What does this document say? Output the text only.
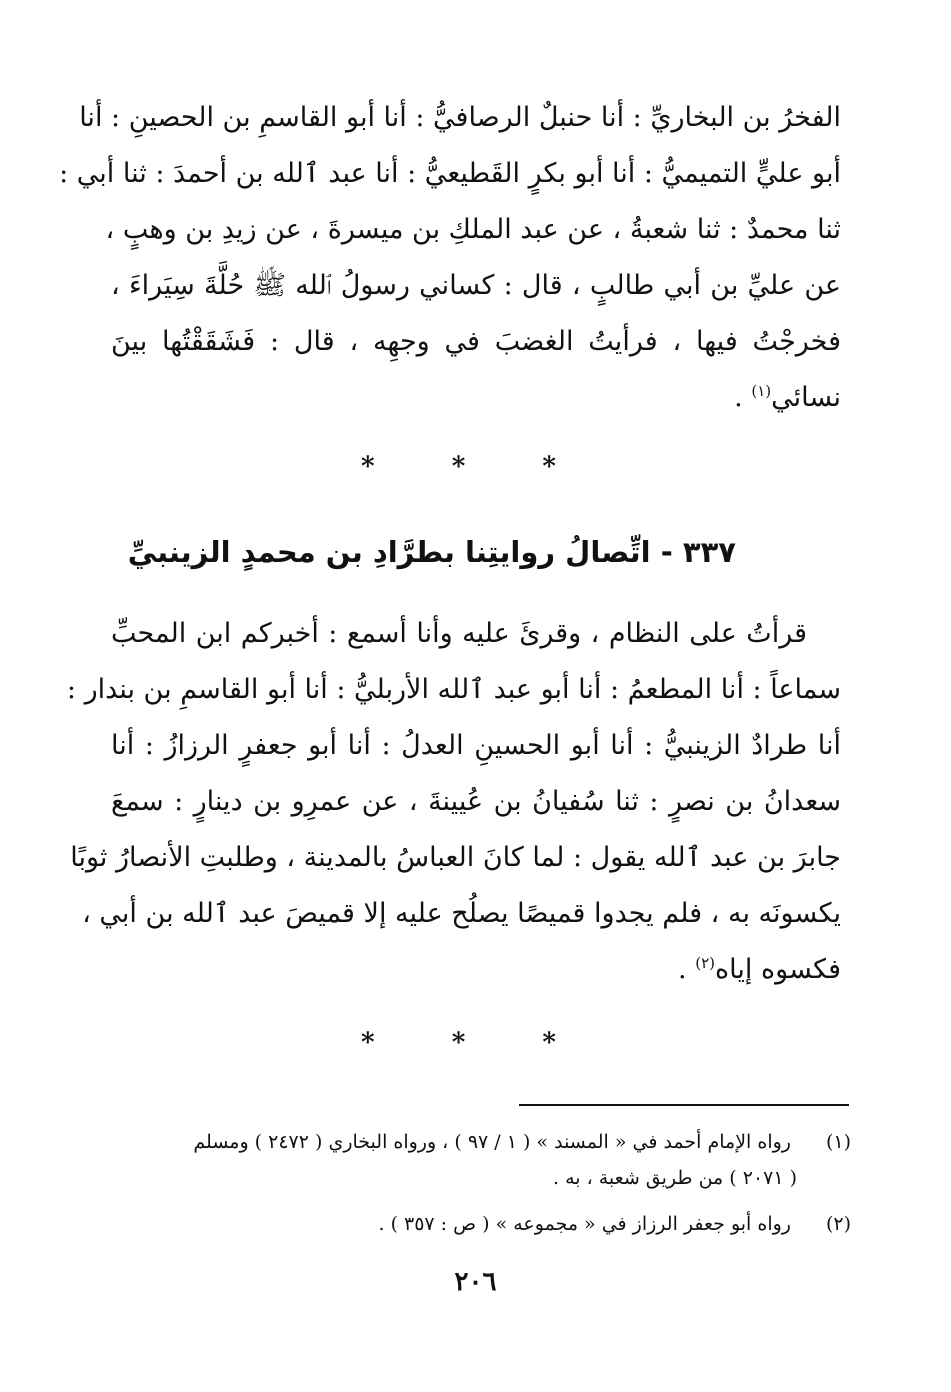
الفخرُ بن البخاريِّ : أنا حنبلٌ الرصافيُّ : أنا أبو القاسمِ بن الحصينِ : أنا
أبو عليٍّ التميميُّ : أنا أبو بكرٍ القَطيعيُّ : أنا عبد ٱلله بن أحمدَ : ثنا أبي :
ثنا محمدٌ : ثنا شعبةُ ، عن عبد الملكِ بن ميسرةَ ، عن زيدِ بن وهبٍ ،
عن عليِّ بن أبي طالبٍ ، قال : كساني رسولُ ٱلله ﷺ حُلَّةَ سِيَراءَ ،
فخرجْتُ فيها ، فرأيتُ الغضبَ في وجهِه ، قال : فَشَقَقْتُها بينَ
نسائي$^{(١)}$ .
* * *
٣٣٧ - اتِّصالُ روايتِنا بطرَّادِ بن محمدٍ الزينبيِّ
قرأتُ على النظام ، وقرئَ عليه وأنا أسمع : أخبركم ابن المحبِّ
سماعاً : أنا المطعمُ : أنا أبو عبد ٱلله الأربليُّ : أنا أبو القاسمِ بن بندار :
أنا طرادٌ الزينبيُّ : أنا أبو الحسينِ العدلُ : أنا أبو جعفرٍ الرزازُ : أنا
سعدانُ بن نصرٍ : ثنا سُفيانُ بن عُيينةَ ، عن عمرِو بن دينارٍ : سمعَ
جابرَ بن عبد ٱلله يقول : لما كانَ العباسُ بالمدينة ، وطلبتِ الأنصارُ ثوبًا
يكسونَه به ، فلم يجدوا قميصًا يصلُح عليه إلا قميصَ عبد ٱلله بن أبي ،
فكسوه إياه$^{(٢)}$ .
* * *
(١) رواه الإمام أحمد في « المسند » ( ١ / ٩٧ ) ، ورواه البخاري ( ٢٤٧٢ ) ومسلم
( ٢٠٧١ ) من طريق شعبة ، به .
(٢) رواه أبو جعفر الرزاز في « مجموعه » ( ص : ٣٥٧ ) .
٢٠٦
